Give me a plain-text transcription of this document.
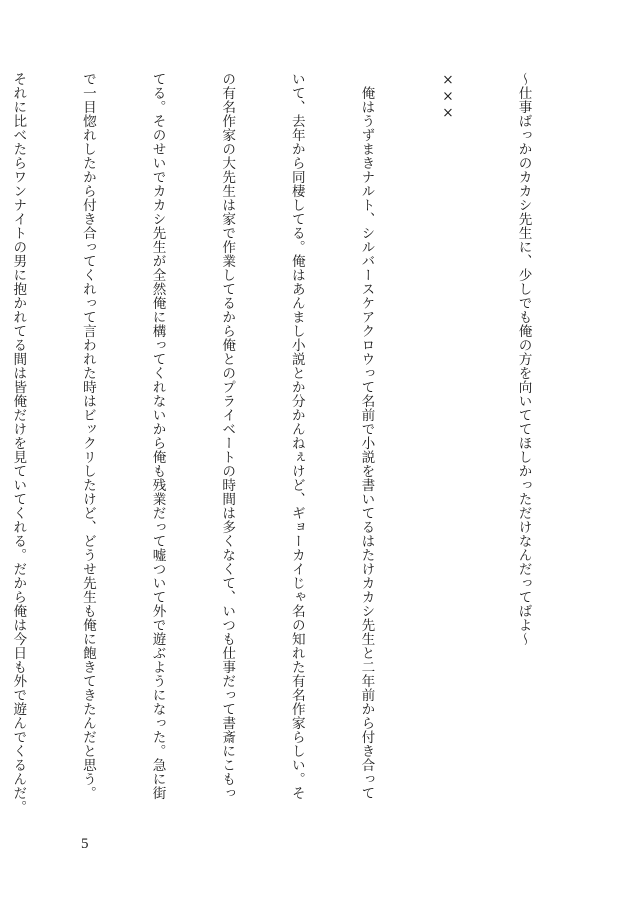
〜仕事ばっかのカカシ先生に、少しでも俺の方を向いててほしかっただけなんだってばよ〜

×××

　俺はうずまきナルト、シルバースケアクロウって名前で小説を書いてるはたけカカシ先生と二年前から付き合って

いて、去年から同棲してる。俺はあんまし小説とか分かんねぇけど、ギョーカイじゃ名の知れた有名作家らしい。そ

の有名作家の大先生は家で作業してるから俺とのプライベートの時間は多くなくて、いつも仕事だって書斎にこもっ

てる。そのせいでカカシ先生が全然俺に構ってくれないから俺も残業だって嘘ついて外で遊ぶようになった。急に街

で一目惚れしたから付き合ってくれって言われた時はビックリしたけど、どうせ先生も俺に飽きてきたんだと思う。

それに比べたらワンナイトの男に抱かれてる間は皆俺だけを見ていてくれる。だから俺は今日も外で遊んでくるんだ。

5
